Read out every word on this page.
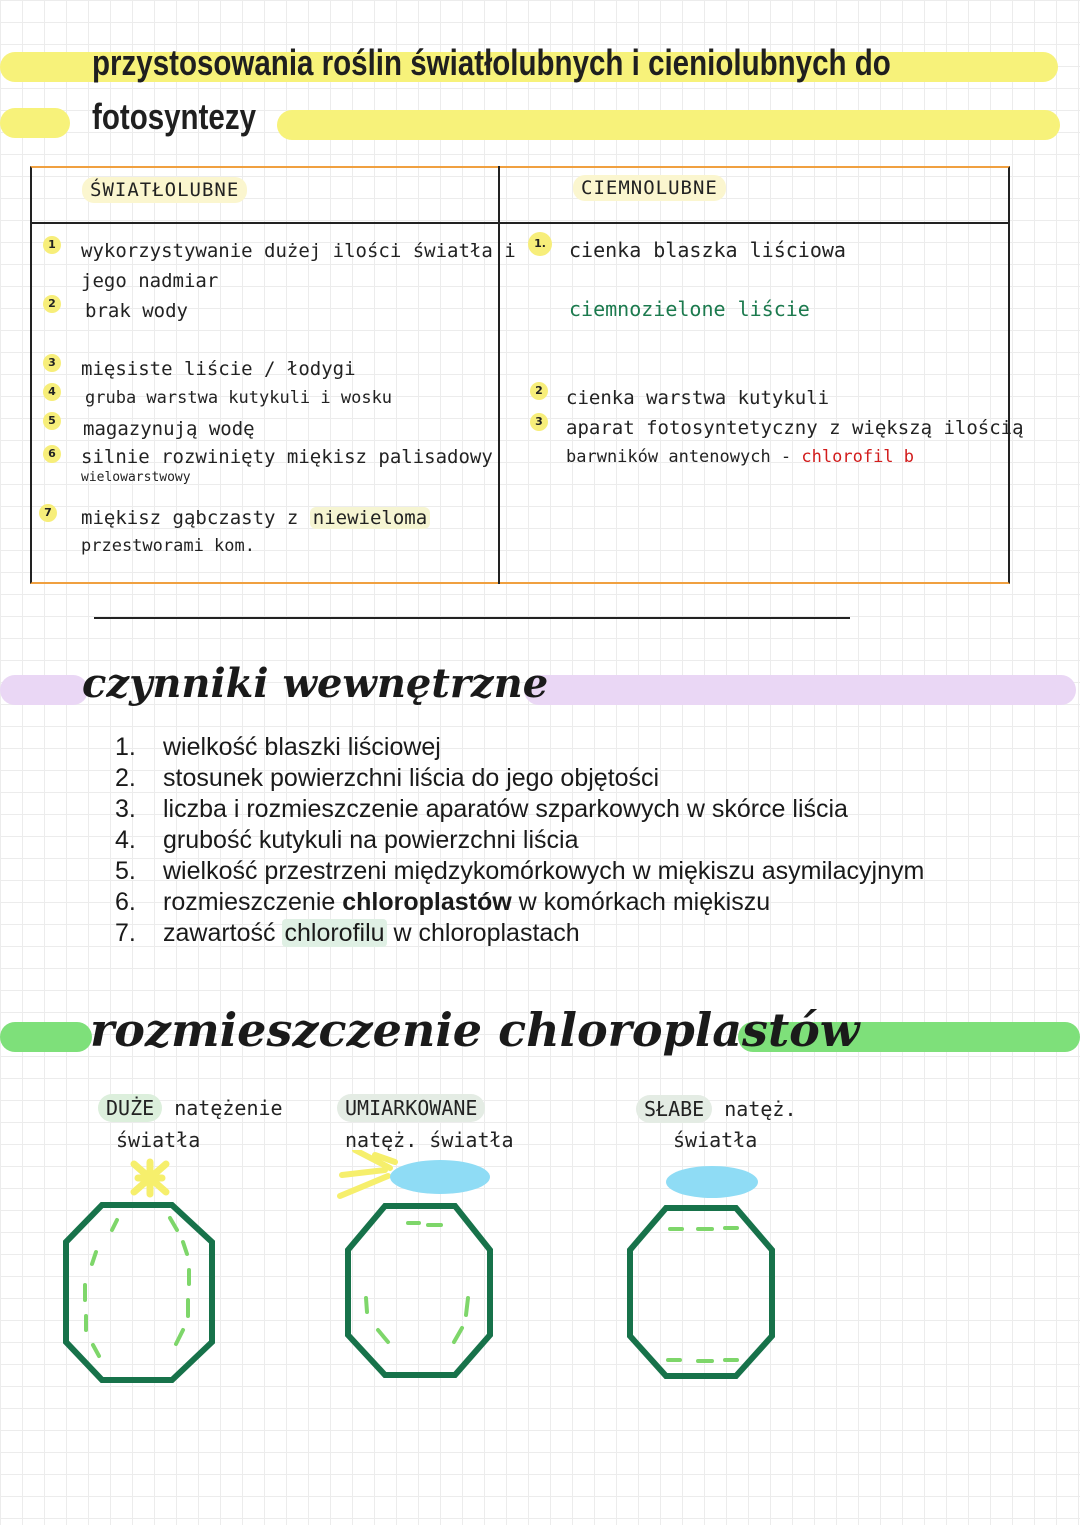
przystosowania roślin światłolubnych i cieniolubnych do
fotosyntezy
ŚWIATŁOLUBNE	CIEMNOLUBNE
1
2
3
4
5
6
7
wykorzystywanie dużej ilości światła i
jego nadmiar
brak wody
mięsiste liście / łodygi
gruba warstwa kutykuli i wosku
magazynują wodę
silnie rozwinięty miękisz palisadowy
wielowarstwowy
miękisz gąbczasty z niewieloma
przestworami kom.
1.
2
3
cienka blaszka liściowa
ciemnozielone liście
cienka warstwa kutykuli
aparat fotosyntetyczny z większą ilością
barwników antenowych - chlorofil b
czynniki wewnętrzne
1. wielkość blaszki liściowej
2. stosunek powierzchni liścia do jego objętości
3. liczba i rozmieszczenie aparatów szparkowych w skórce liścia
4. grubość kutykuli na powierzchni liścia
5. wielkość przestrzeni międzykomórkowych w miękiszu asymilacyjnym
6. rozmieszczenie chloroplastów w komórkach miękiszu
7. zawartość chlorofilu w chloroplastach
rozmieszczenie chloroplastów
DUŻE natężenie
światła
UMIARKOWANE
natęż. światła
SŁABE natęż.
światła
